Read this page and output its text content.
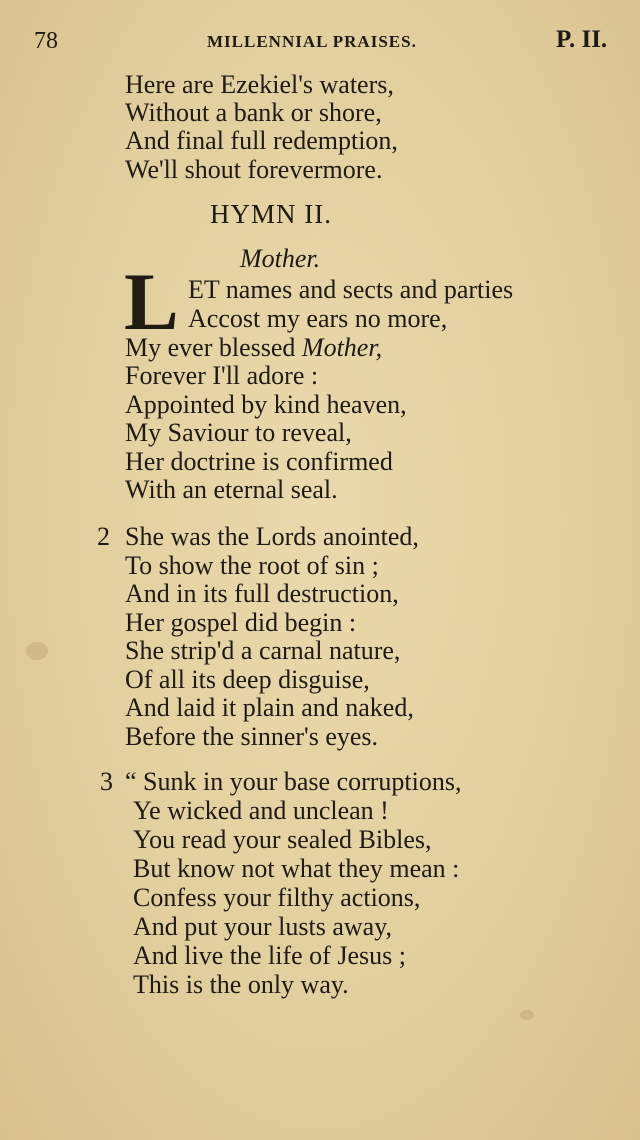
78	MILLENNIAL PRAISES.	P. II.
Here are Ezekiel's waters,
Without a bank or shore,
And final full redemption,
We'll shout forevermore.
HYMN II.
Mother.
L ET names and sects and parties
Accost my ears no more,
My ever blessed Mother,
Forever I'll adore :
Appointed by kind heaven,
My Saviour to reveal,
Her doctrine is confirmed
With an eternal seal.
2 She was the Lords anointed,
To show the root of sin ;
And in its full destruction,
Her gospel did begin :
She strip'd a carnal nature,
Of all its deep disguise,
And laid it plain and naked,
Before the sinner's eyes.
3 “ Sunk in your base corruptions,
Ye wicked and unclean !
You read your sealed Bibles,
But know not what they mean :
Confess your filthy actions,
And put your lusts away,
And live the life of Jesus ;
This is the only way.
